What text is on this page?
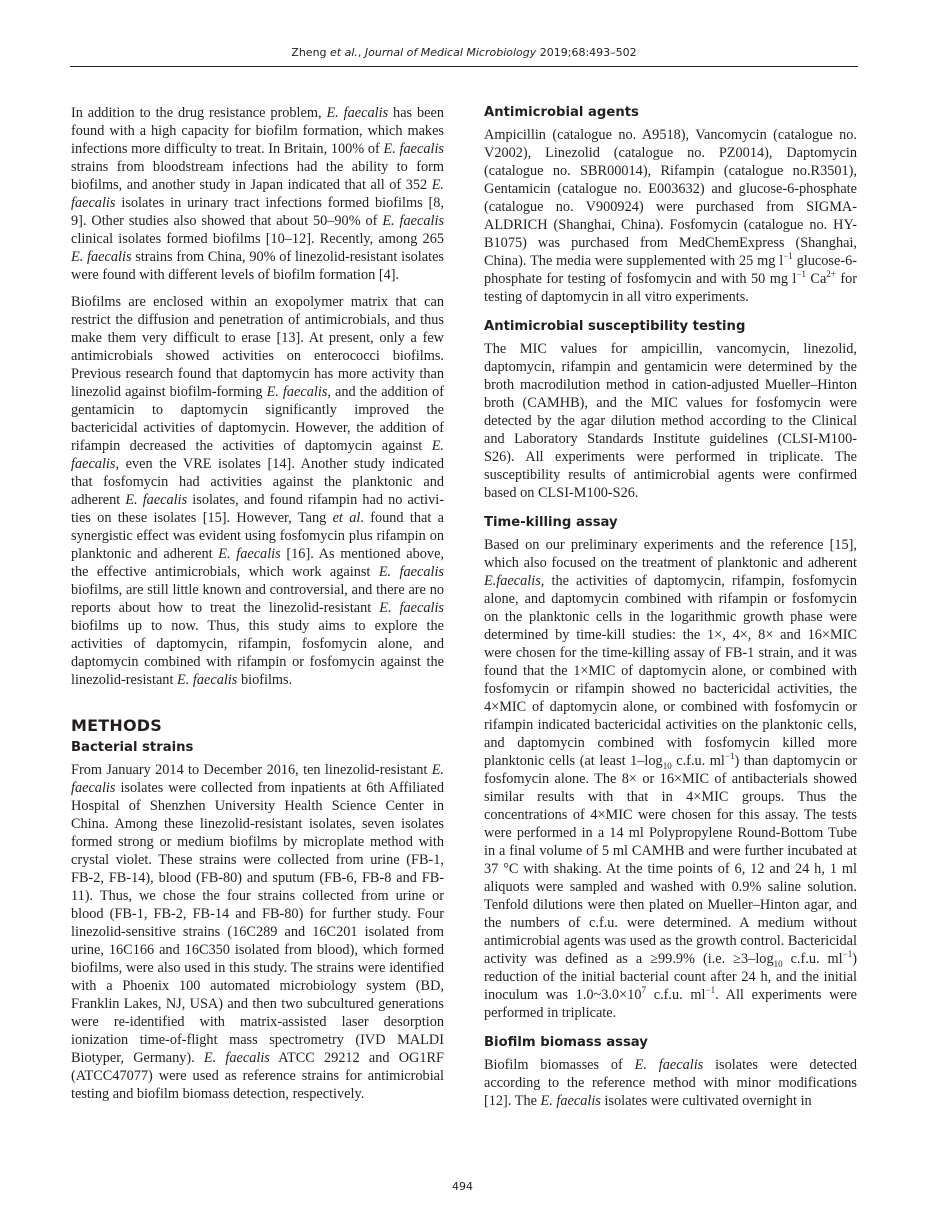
Zheng et al., Journal of Medical Microbiology 2019;68:493–502

In addition to the drug resistance problem, E. faecalis has been found with a high capacity for biofilm formation, which makes infections more difficulty to treat. In Britain, 100% of E. faecalis strains from bloodstream infections had the ability to form biofilms, and another study in Japan indicated that all of 352 E. faecalis isolates in urinary tract infections formed biofilms [8, 9]. Other studies also showed that about 50–90% of E. faecalis clinical isolates formed biofilms [10–12]. Recently, among 265 E. faecalis strains from China, 90% of linezolid-resistant isolates were found with different levels of biofilm formation [4].

Biofilms are enclosed within an exopolymer matrix that can restrict the diffusion and penetration of antimicrobials, and thus make them very difficult to erase [13]. At present, only a few antimicrobials showed activities on enterococci biofilms. Previous research found that daptomycin has more activity than linezolid against biofilm-forming E. faecalis, and the addition of gentamicin to daptomycin significantly improved the bactericidal activities of daptomycin. However, the addition of rifampin decreased the activities of daptomycin against E. faecalis, even the VRE isolates [14]. Another study indicated that fosfomycin had activities against the planktonic and adherent E. faecalis isolates, and found rifampin had no activities on these isolates [15]. However, Tang et al. found that a synergistic effect was evident using fosfomycin plus rifampin on planktonic and adherent E. faecalis [16]. As mentioned above, the effective antimicrobials, which work against E. faecalis biofilms, are still little known and controversial, and there are no reports about how to treat the linezolid-resistant E. faecalis biofilms up to now. Thus, this study aims to explore the activities of daptomycin, rifampin, fosfomycin alone, and daptomycin combined with rifampin or fosfomycin against the linezolid-resistant E. faecalis biofilms.

METHODS
Bacterial strains

From January 2014 to December 2016, ten linezolid-resistant E. faecalis isolates were collected from inpatients at 6th Affiliated Hospital of Shenzhen University Health Science Center in China. Among these linezolid-resistant isolates, seven isolates formed strong or medium biofilms by microplate method with crystal violet. These strains were collected from urine (FB-1, FB-2, FB-14), blood (FB-80) and sputum (FB-6, FB-8 and FB-11). Thus, we chose the four strains collected from urine or blood (FB-1, FB-2, FB-14 and FB-80) for further study. Four linezolid-sensitive strains (16C289 and 16C201 isolated from urine, 16C166 and 16C350 isolated from blood), which formed biofilms, were also used in this study. The strains were identified with a Phoenix 100 automated microbiology system (BD, Franklin Lakes, NJ, USA) and then two subcultured generations were re-identified with matrix-assisted laser desorption ionization time-of-flight mass spectrometry (IVD MALDI Biotyper, Germany). E. faecalis ATCC 29212 and OG1RF (ATCC47077) were used as reference strains for antimicrobial testing and biofilm biomass detection, respectively.

Antimicrobial agents

Ampicillin (catalogue no. A9518), Vancomycin (catalogue no. V2002), Linezolid (catalogue no. PZ0014), Daptomycin (catalogue no. SBR00014), Rifampin (catalogue no.R3501), Gentamicin (catalogue no. E003632) and glucose-6-phosphate (catalogue no. V900924) were purchased from SIGMA-ALDRICH (Shanghai, China). Fosfomycin (catalogue no. HY-B1075) was purchased from MedChemExpress (Shanghai, China). The media were supplemented with 25 mg $l^{-1}$ glucose-6-phosphate for testing of fosfomycin and with 50 mg $l^{-1}$ $Ca^{2+}$ for testing of daptomycin in all vitro experiments.

Antimicrobial susceptibility testing

The MIC values for ampicillin, vancomycin, linezolid, daptomycin, rifampin and gentamicin were determined by the broth macrodilution method in cation-adjusted Mueller–Hinton broth (CAMHB), and the MIC values for fosfomycin were detected by the agar dilution method according to the Clinical and Laboratory Standards Institute guidelines (CLSI-M100-S26). All experiments were performed in triplicate. The susceptibility results of antimicrobial agents were confirmed based on CLSI-M100-S26.

Time-killing assay

Based on our preliminary experiments and the reference [15], which also focused on the treatment of planktonic and adherent E.faecalis, the activities of daptomycin, rifampin, fosfomycin alone, and daptomycin combined with rifampin or fosfomycin on the planktonic cells in the logarithmic growth phase were determined by time-kill studies: the 1×, 4×, 8× and 16×MIC were chosen for the time-killing assay of FB-1 strain, and it was found that the 1×MIC of daptomycin alone, or combined with fosfomycin or rifampin showed no bactericidal activities, the 4×MIC of daptomycin alone, or combined with fosfomycin or rifampin indicated bactericidal activities on the planktonic cells, and daptomycin combined with fosfomycin killed more planktonic cells (at least $1-\log_{10}$ c.f.u. $ml^{-1}$) than daptomycin or fosfomycin alone. The 8× or 16×MIC of antibacterials showed similar results with that in 4×MIC groups. Thus the concentrations of 4×MIC were chosen for this assay. The tests were performed in a 14 ml Polypropylene Round-Bottom Tube in a final volume of 5 ml CAMHB and were further incubated at 37 °C with shaking. At the time points of 6, 12 and 24 h, 1 ml aliquots were sampled and washed with 0.9% saline solution. Tenfold dilutions were then plated on Mueller–Hinton agar, and the numbers of c.f.u. were determined. A medium without antimicrobial agents was used as the growth control. Bactericidal activity was defined as a ≥99.9% (i.e. $\ge 3-\log_{10}$ c.f.u. $ml^{-1}$) reduction of the initial bacterial count after 24 h, and the initial inoculum was $1.0\sim 3.0\times 10^7$ c.f.u. $ml^{-1}$. All experiments were performed in triplicate.

Biofilm biomass assay

Biofilm biomasses of E. faecalis isolates were detected according to the reference method with minor modifications [12]. The E. faecalis isolates were cultivated overnight in

494
